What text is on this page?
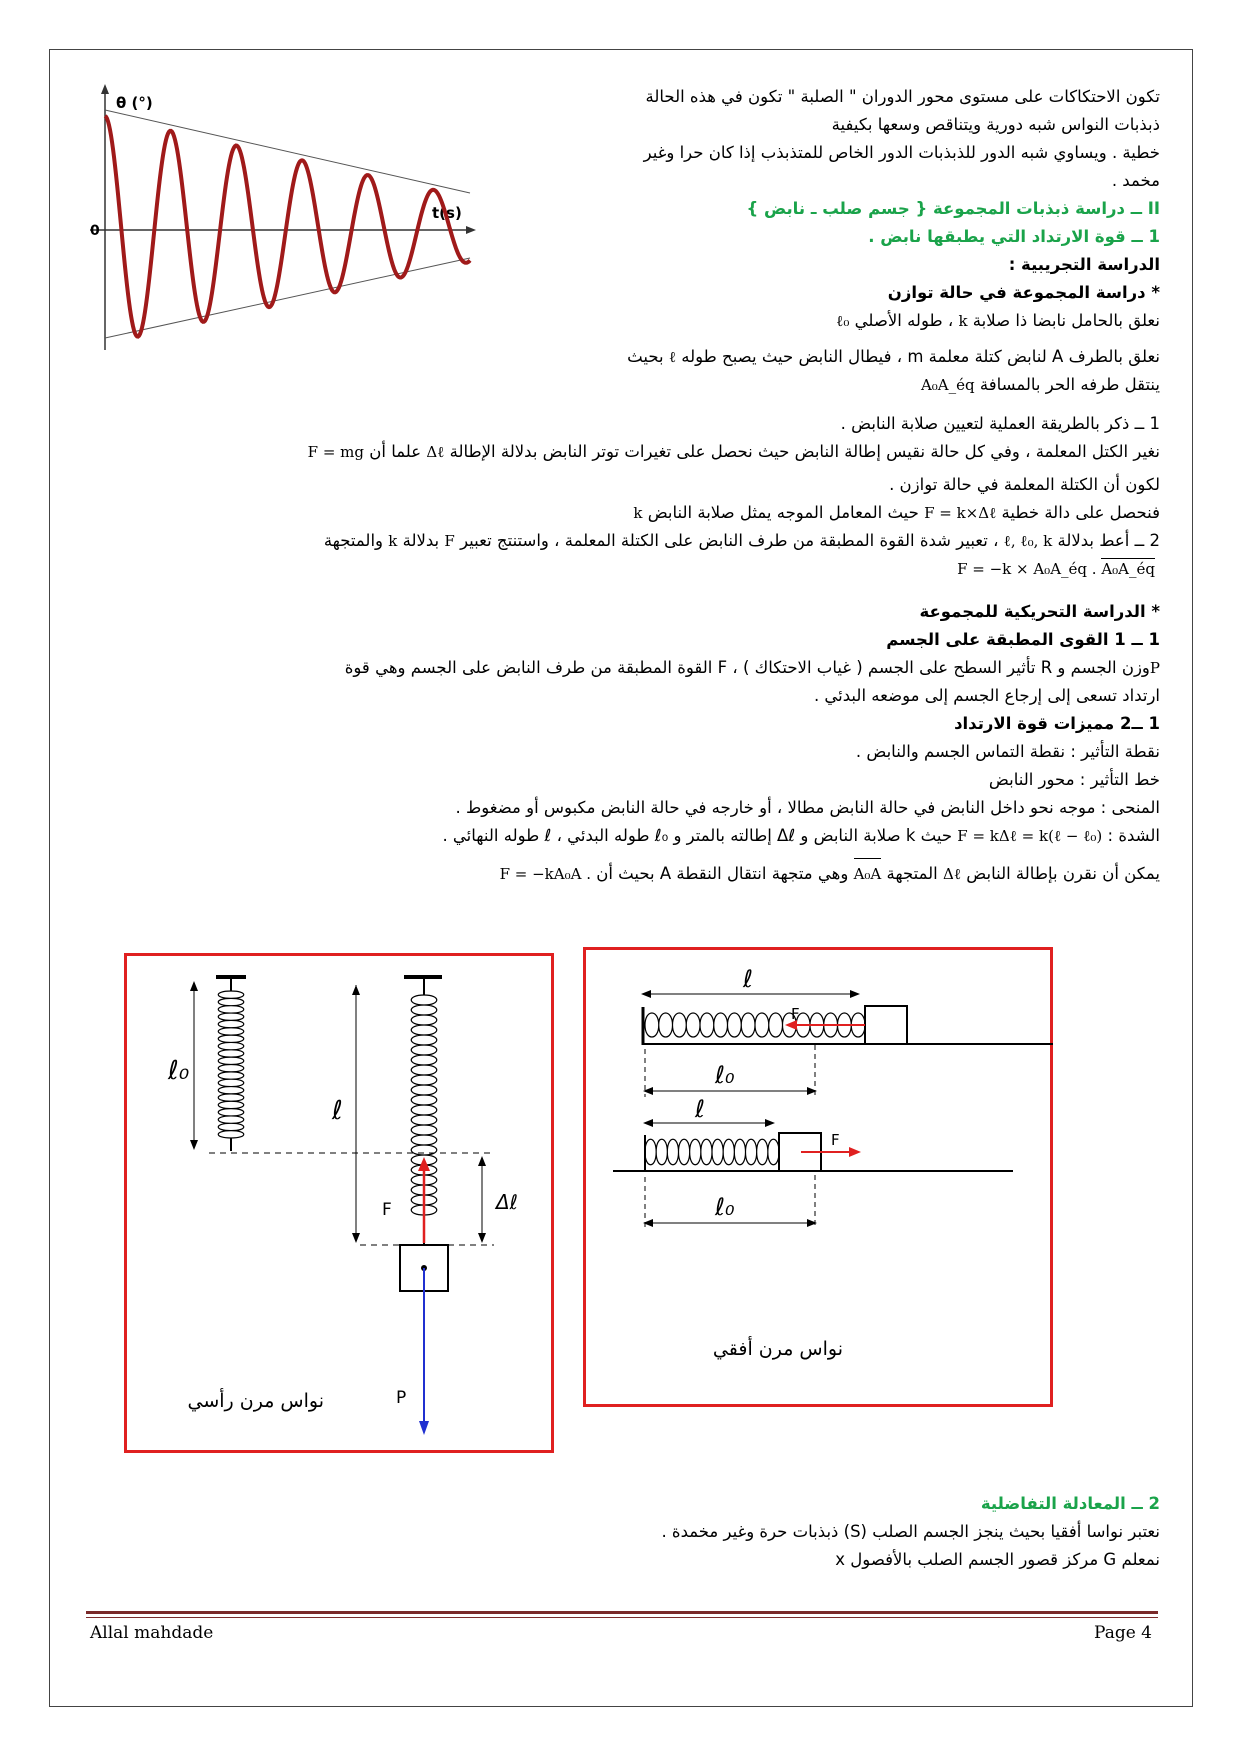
θ (°)
t(s)
0
تكون الاحتكاكات على مستوى محور الدوران " الصلبة " تكون في هذه الحالة
ذبذبات النواس شبه دورية ويتناقص وسعها بكيفية
خطية . ويساوي شبه الدور للذبذبات الدور الخاص للمتذبذب إذا كان حرا وغير
مخمد .
II ــ دراسة ذبذبات المجموعة { جسم صلب ـ نابض }
1 ــ قوة الارتداد التي يطبقها نابض .
الدراسة التجريبية :
* دراسة المجموعة في حالة توازن
نعلق بالحامل نابضا ذا صلابة k ، طوله الأصلي ℓ₀
نعلق بالطرف A لنابض كتلة معلمة m ، فيطال النابض حيث يصبح طوله ℓ بحيث
ينتقل طرفه الحر بالمسافة A₀A_éq
1 ــ ذكر بالطريقة العملية لتعيين صلابة النابض .
نغير الكتل المعلمة ، وفي كل حالة نقيس إطالة النابض حيث نحصل على تغيرات توتر النابض بدلالة الإطالة Δℓ علما أن F = mg
لكون أن الكتلة المعلمة في حالة توازن .
فنحصل على دالة خطية F = k×Δℓ حيث المعامل الموجه يمثل صلابة النابض k
2 ــ أعط بدلالة ℓ, ℓ₀, k ، تعبير شدة القوة المطبقة من طرف النابض على الكتلة المعلمة ، واستنتج تعبير F بدلالة k والمتجهة
F = −k × A₀A_éq . A₀A_éq
* الدراسة التحريكية للمجموعة
1 ــ 1 القوى المطبقة على الجسم
Pوزن الجسم و R تأثير السطح على الجسم ( غياب الاحتكاك ) ، F القوة المطبقة من طرف النابض على الجسم وهي قوة
ارتداد تسعى إلى إرجاع الجسم إلى موضعه البدئي .
1 ــ2 مميزات قوة الارتداد
نقطة التأثير : نقطة التماس الجسم والنابض .
خط التأثير : محور النابض
المنحى : موجه نحو داخل النابض في حالة النابض مطالا ، أو خارجه في حالة النابض مكبوس أو مضغوط .
الشدة : F = kΔℓ = k(ℓ − ℓ₀) حيث k صلابة النابض و Δℓ إطالته بالمتر و ℓ₀ طوله البدئي ، ℓ طوله النهائي .
يمكن أن نقرن بإطالة النابض Δℓ المتجهة A₀A وهي متجهة انتقال النقطة A بحيث أن F = −kA₀A .
ℓ₀
ℓ
Δℓ
F
P
نواس مرن رأسي
F
ℓ
ℓ₀
F
ℓ
ℓ₀
نواس مرن أفقي
2 ــ المعادلة التفاضلية
نعتبر نواسا أفقيا بحيث ينجز الجسم الصلب (S) ذبذبات حرة وغير مخمدة .
نمعلم G مركز قصور الجسم الصلب بالأفصول x
Allal mahdade	Page 4
